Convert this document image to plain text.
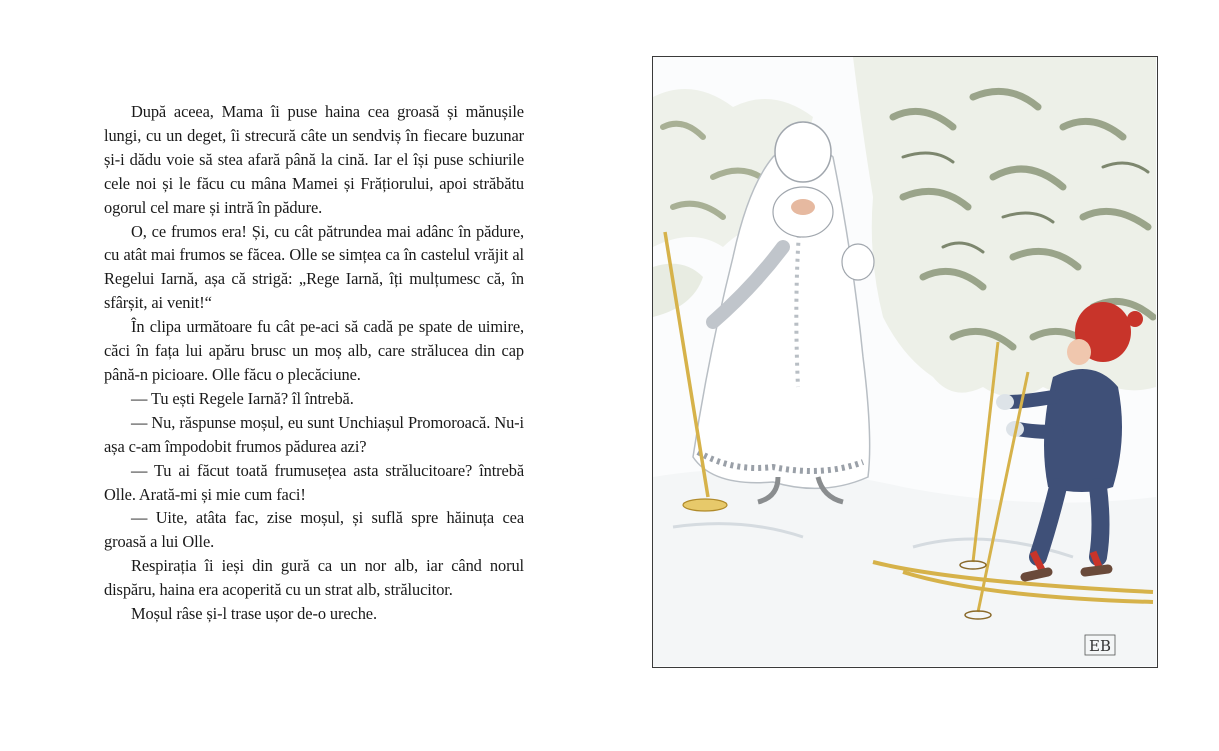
După aceea, Mama îi puse haina cea groasă și mănușile lungi, cu un deget, îi strecură câte un sendviș în fiecare buzunar și-i dădu voie să stea afară până la cină. Iar el își puse schiurile cele noi și le făcu cu mâna Mamei și Frățiorului, apoi străbătu ogorul cel mare și intră în pădure.

O, ce frumos era! Și, cu cât pătrundea mai adânc în pădure, cu atât mai frumos se făcea. Olle se simțea ca în castelul vrăjit al Regelui Iarnă, așa că strigă: „Rege Iarnă, îți mulțumesc că, în sfârșit, ai venit!“

În clipa următoare fu cât pe-aci să cadă pe spate de uimire, căci în fața lui apăru brusc un moș alb, care strălucea din cap până-n picioare. Olle făcu o plecăciune.

— Tu ești Regele Iarnă? îl întrebă.

— Nu, răspunse moșul, eu sunt Unchiașul Promoroacă. Nu-i așa c-am împodobit frumos pădurea azi?

— Tu ai făcut toată frumusețea asta strălucitoare? întrebă Olle. Arată-mi și mie cum faci!

— Uite, atâta fac, zise moșul, și suflă spre hăinuța cea groasă a lui Olle.

Respirația îi ieși din gură ca un nor alb, iar când norul dispăru, haina era acoperită cu un strat alb, strălucitor.

Moșul râse și-l trase ușor de-o ureche.

EB
